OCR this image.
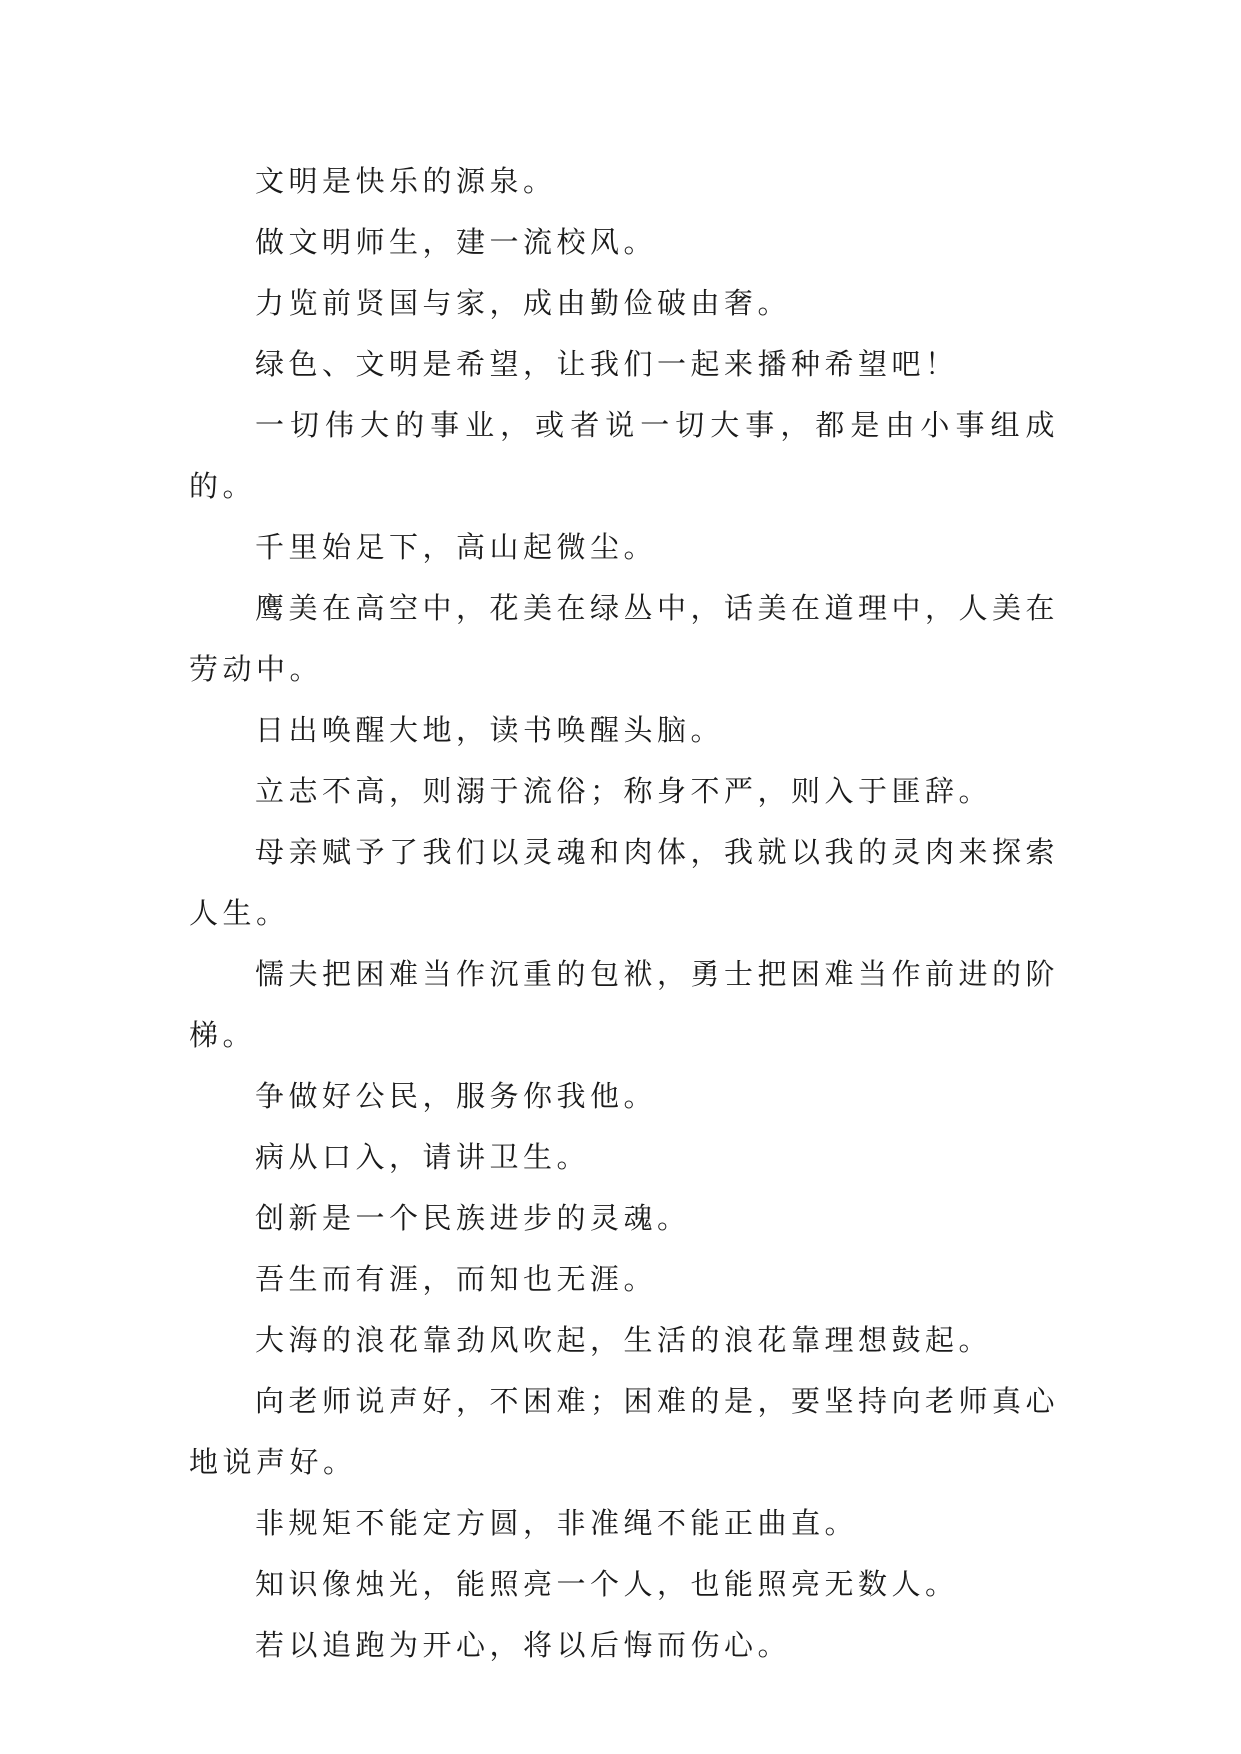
文明是快乐的源泉。

做文明师生，建一流校风。

力览前贤国与家，成由勤俭破由奢。

绿色、文明是希望，让我们一起来播种希望吧！

一切伟大的事业，或者说一切大事，都是由小事组成的。

千里始足下，高山起微尘。

鹰美在高空中，花美在绿丛中，话美在道理中，人美在劳动中。

日出唤醒大地，读书唤醒头脑。

立志不高，则溺于流俗；称身不严，则入于匪辞。

母亲赋予了我们以灵魂和肉体，我就以我的灵肉来探索人生。

懦夫把困难当作沉重的包袱，勇士把困难当作前进的阶梯。

争做好公民，服务你我他。

病从口入，请讲卫生。

创新是一个民族进步的灵魂。

吾生而有涯，而知也无涯。

大海的浪花靠劲风吹起，生活的浪花靠理想鼓起。

向老师说声好，不困难；困难的是，要坚持向老师真心地说声好。

非规矩不能定方圆，非准绳不能正曲直。

知识像烛光，能照亮一个人，也能照亮无数人。

若以追跑为开心，将以后悔而伤心。
